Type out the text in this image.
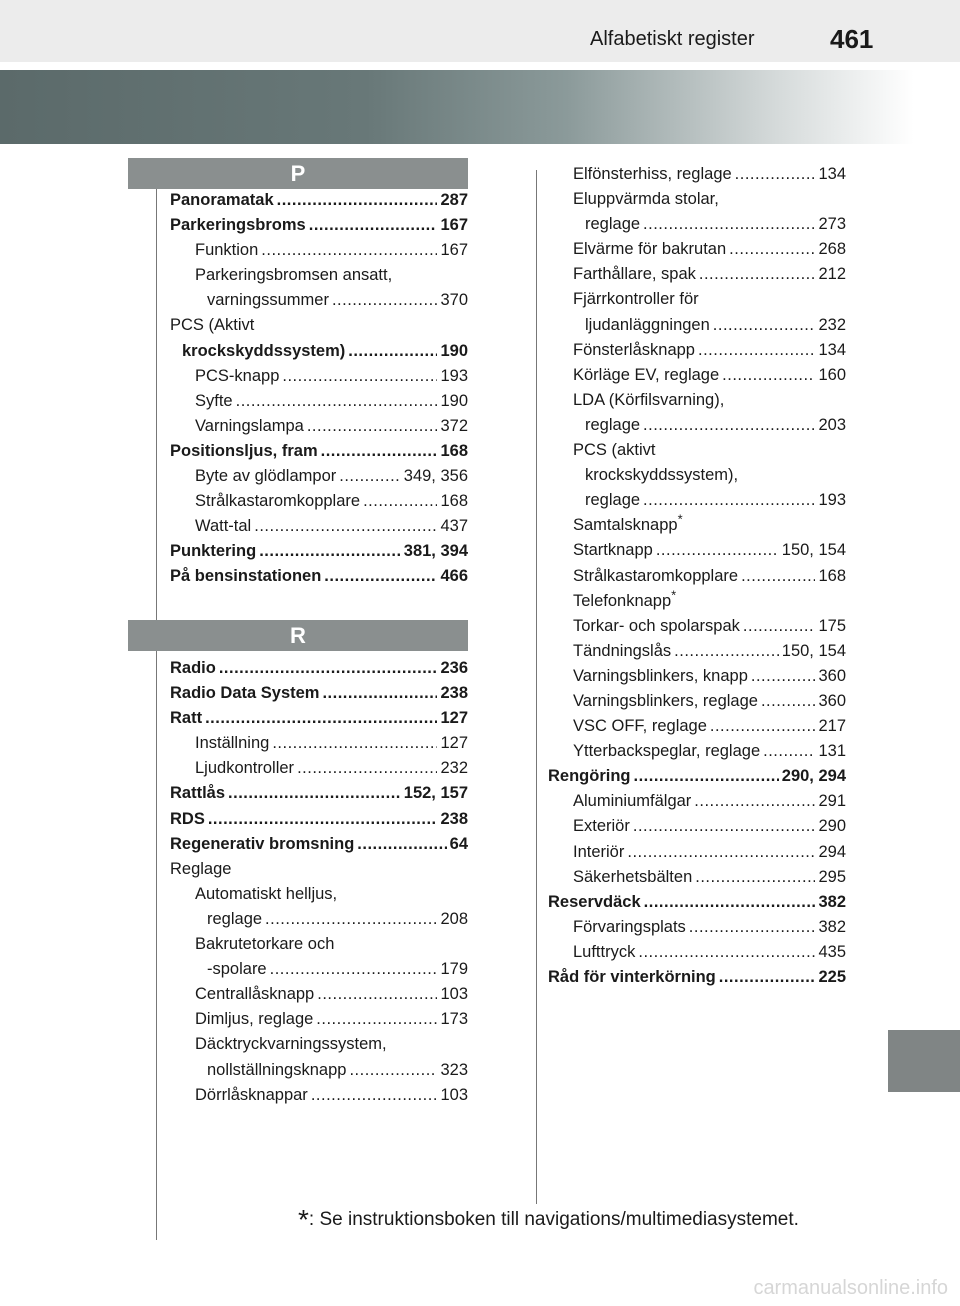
Alfabetiskt register	461
P
Panoramatak .....	287
Parkeringsbroms .....	167
Funktion .....	167
Parkeringsbromsen ansatt,
varningssummer .....	370
PCS (Aktivt
krockskyddssystem) .....	190
PCS-knapp .....	193
Syfte .....	190
Varningslampa .....	372
Positionsljus, fram .....	168
Byte av glödlampor .....	349, 356
Strålkastaromkopplare .....	168
Watt-tal .....	437
Punktering .....	381, 394
På bensinstationen .....	466
R
Radio .....	236
Radio Data System .....	238
Ratt .....	127
Inställning .....	127
Ljudkontroller .....	232
Rattlås .....	152, 157
RDS .....	238
Regenerativ bromsning .....	64
Reglage
Automatiskt helljus,
reglage .....	208
Bakrutetorkare och
-spolare .....	179
Centrallåsknapp .....	103
Dimljus, reglage .....	173
Däcktryckvarningssystem,
nollställningsknapp .....	323
Dörrlåsknappar .....	103
Elfönsterhiss, reglage .....	134
Eluppvärmda stolar,
reglage .....	273
Elvärme för bakrutan .....	268
Farthållare, spak .....	212
Fjärrkontroller för
ljudanläggningen .....	232
Fönsterlåsknapp .....	134
Körläge EV, reglage .....	160
LDA (Körfilsvarning),
reglage .....	203
PCS (aktivt
krockskyddssystem),
reglage .....	193
Samtalsknapp*
Startknapp .....	150, 154
Strålkastaromkopplare .....	168
Telefonknapp*
Torkar- och spolarspak .....	175
Tändningslås .....	150, 154
Varningsblinkers, knapp .....	360
Varningsblinkers, reglage .....	360
VSC OFF, reglage .....	217
Ytterbackspeglar, reglage .....	131
Rengöring .....	290, 294
Aluminiumfälgar .....	291
Exteriör .....	290
Interiör .....	294
Säkerhetsbälten .....	295
Reservdäck .....	382
Förvaringsplats .....	382
Lufttryck .....	435
Råd för vinterkörning .....	225
*: Se instruktionsboken till navigations/multimediasystemet.
carmanualsonline.info
